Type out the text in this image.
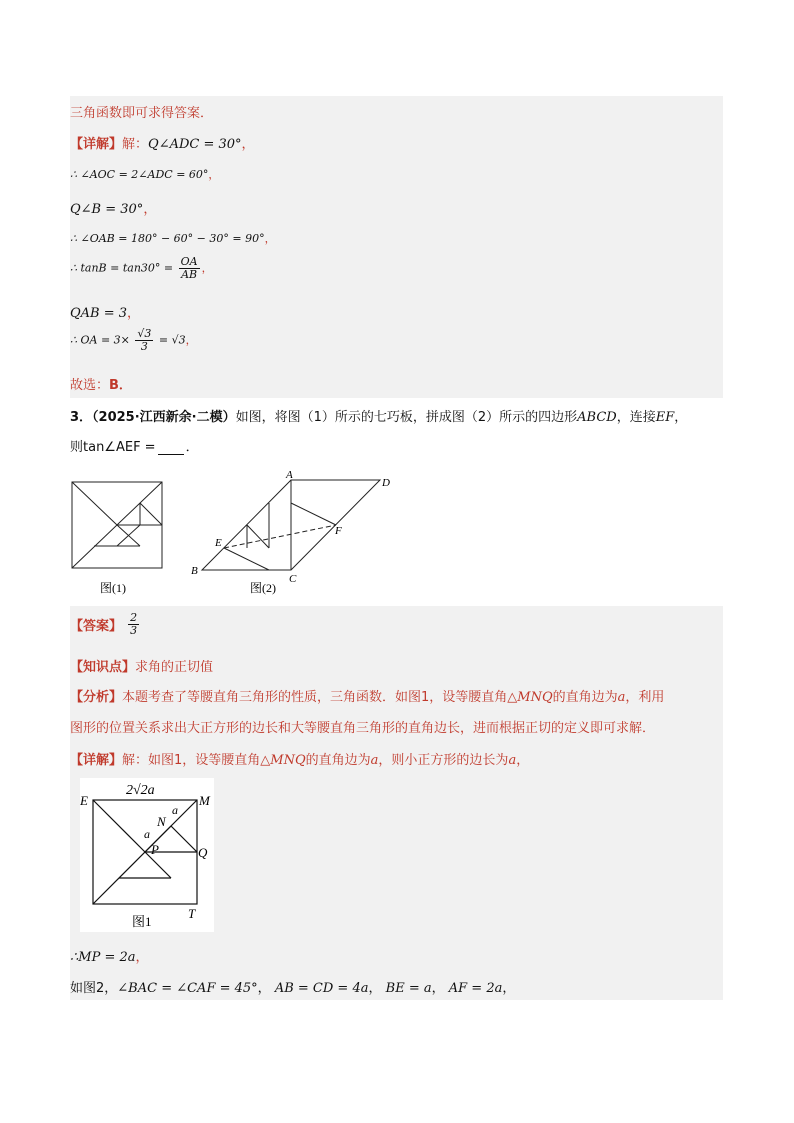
三角函数即可求得答案．
【详解】解：Q∠ADC = 30°，
∴ ∠AOC = 2∠ADC = 60°，
Q∠B = 30°，
∴ ∠OAB = 180° − 60° − 30° = 90°，
∴ $\tan B = \tan 30^\circ = \frac{OA}{AB}$ ，
QAB = 3，
∴ OA = $3\times \frac{√3}{3} = √3$，
故选：B．
3．（2025·江西新余·二模）如图，将图（1）所示的七巧板，拼成图（2）所示的四边形ABCD，连接EF，
则tan∠AEF = ．
图(1)
A
B
C
D
E
F
图(2)
【答案】 $\frac{2}{3}$
【知识点】求角的正切值
【分析】本题考查了等腰直角三角形的性质，三角函数．如图1，设等腰直角△MNQ的直角边为a，利用
图形的位置关系求出大正方形的边长和大等腰直角三角形的直角边长，进而根据正切的定义即可求解．
【详解】解：如图1，设等腰直角△MNQ的直角边为a，则小正方形的边长为a，
2√2a
E	M
a
N
a
P	Q
T
图1
∴MP = 2a，
如图2，∠BAC = ∠CAF = 45°， AB = CD = 4a， BE = a， AF = 2a，
